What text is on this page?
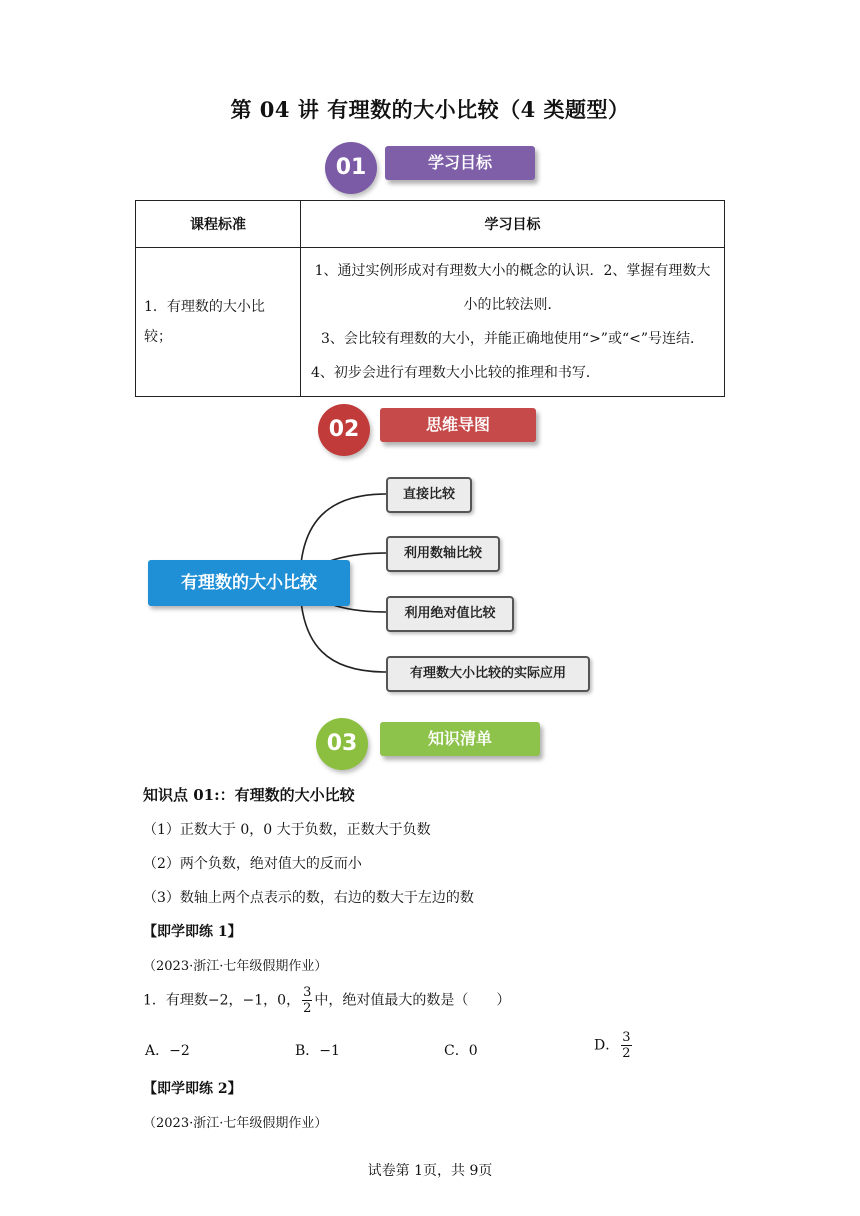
第 04 讲 有理数的大小比较（4 类题型）
01	学习目标
课程标准	学习目标
1．有理数的大小比较；	1、通过实例形成对有理数大小的概念的认识．2、掌握有理数大小的比较法则．
3、会比较有理数的大小，并能正确地使用“>”或“<”号连结．
4、初步会进行有理数大小比较的推理和书写．
02	思维导图
有理数的大小比较
直接比较
利用数轴比较
利用绝对值比较
有理数大小比较的实际应用
03	知识清单
知识点 01:：有理数的大小比较
（1）正数大于 0，0 大于负数，正数大于负数
（2）两个负数，绝对值大的反而小
（3）数轴上两个点表示的数，右边的数大于左边的数
【即学即练 1】
（2023·浙江·七年级假期作业）
1．有理数−2，−1，0， $\frac{3}{2}$ 中，绝对值最大的数是（　　）
A．−2	B．−1	C．0	D． $\frac{3}{2}$
【即学即练 2】
（2023·浙江·七年级假期作业）
试卷第 1页，共 9页
